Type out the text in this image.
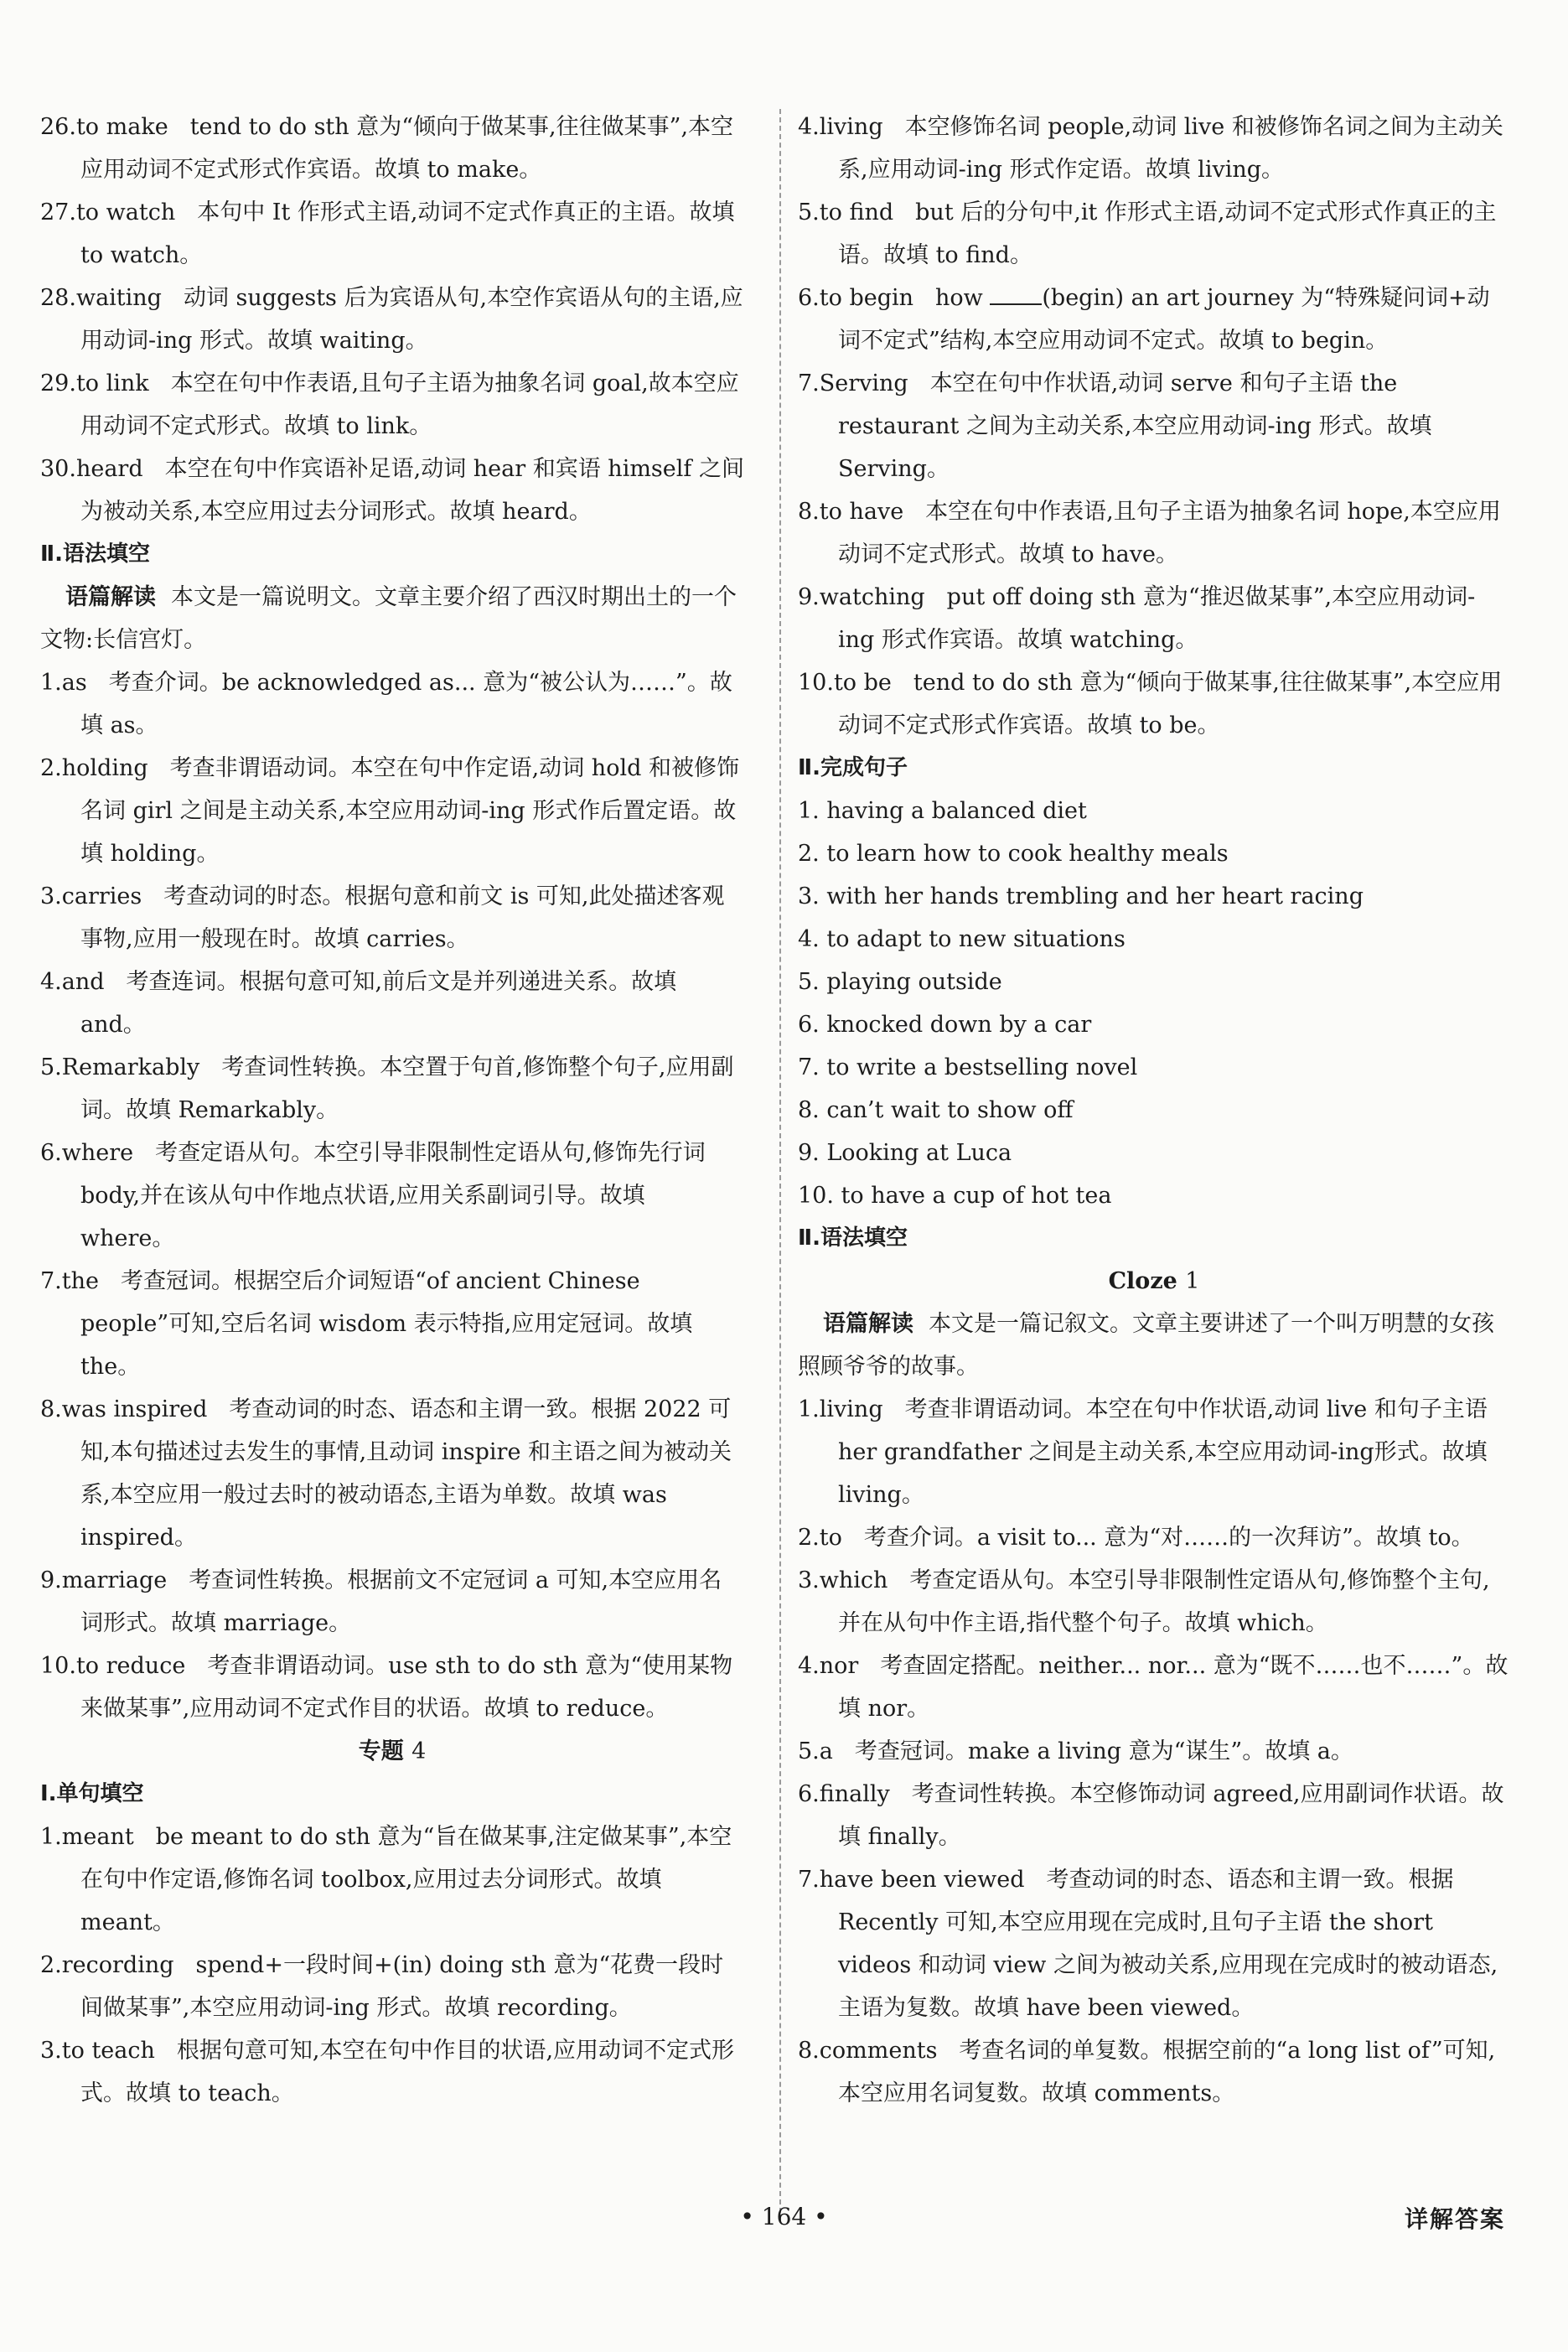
26.to make tend to do sth 意为“倾向于做某事,往往做某事”,本空应用动词不定式形式作宾语。故填 to make。

27.to watch 本句中 It 作形式主语,动词不定式作真正的主语。故填 to watch。

28.waiting 动词 suggests 后为宾语从句,本空作宾语从句的主语,应用动词-ing 形式。故填 waiting。

29.to link 本空在句中作表语,且句子主语为抽象名词 goal,故本空应用动词不定式形式。故填 to link。

30.heard 本空在句中作宾语补足语,动词 hear 和宾语 himself 之间为被动关系,本空应用过去分词形式。故填 heard。

Ⅱ.语法填空

语篇解读 本文是一篇说明文。文章主要介绍了西汉时期出土的一个文物:长信宫灯。

1.as 考查介词。be acknowledged as... 意为“被公认为……”。故填 as。

2.holding 考查非谓语动词。本空在句中作定语,动词 hold 和被修饰名词 girl 之间是主动关系,本空应用动词-ing 形式作后置定语。故填 holding。

3.carries 考查动词的时态。根据句意和前文 is 可知,此处描述客观事物,应用一般现在时。故填 carries。

4.and 考查连词。根据句意可知,前后文是并列递进关系。故填 and。

5.Remarkably 考查词性转换。本空置于句首,修饰整个句子,应用副词。故填 Remarkably。

6.where 考查定语从句。本空引导非限制性定语从句,修饰先行词 body,并在该从句中作地点状语,应用关系副词引导。故填 where。

7.the 考查冠词。根据空后介词短语“of ancient Chinese people”可知,空后名词 wisdom 表示特指,应用定冠词。故填 the。

8.was inspired 考查动词的时态、语态和主谓一致。根据 2022 可知,本句描述过去发生的事情,且动词 inspire 和主语之间为被动关系,本空应用一般过去时的被动语态,主语为单数。故填 was inspired。

9.marriage 考查词性转换。根据前文不定冠词 a 可知,本空应用名词形式。故填 marriage。

10.to reduce 考查非谓语动词。use sth to do sth 意为“使用某物来做某事”,应用动词不定式作目的状语。故填 to reduce。

专题 4

Ⅰ.单句填空

1.meant be meant to do sth 意为“旨在做某事,注定做某事”,本空在句中作定语,修饰名词 toolbox,应用过去分词形式。故填 meant。

2.recording spend+一段时间+(in) doing sth 意为“花费一段时间做某事”,本空应用动词-ing 形式。故填 recording。

3.to teach 根据句意可知,本空在句中作目的状语,应用动词不定式形式。故填 to teach。

4.living 本空修饰名词 people,动词 live 和被修饰名词之间为主动关系,应用动词-ing 形式作定语。故填 living。

5.to find but 后的分句中,it 作形式主语,动词不定式形式作真正的主语。故填 to find。

6.to begin how	(begin) an art journey 为“特殊疑问词+动词不定式”结构,本空应用动词不定式。故填 to begin。

7.Serving 本空在句中作状语,动词 serve 和句子主语 the restaurant 之间为主动关系,本空应用动词-ing 形式。故填 Serving。

8.to have 本空在句中作表语,且句子主语为抽象名词 hope,本空应用动词不定式形式。故填 to have。

9.watching put off doing sth 意为“推迟做某事”,本空应用动词-ing 形式作宾语。故填 watching。

10.to be tend to do sth 意为“倾向于做某事,往往做某事”,本空应用动词不定式形式作宾语。故填 to be。

Ⅱ.完成句子

1. having a balanced diet

2. to learn how to cook healthy meals

3. with her hands trembling and her heart racing

4. to adapt to new situations

5. playing outside

6. knocked down by a car

7. to write a bestselling novel

8. can’t wait to show off

9. Looking at Luca

10. to have a cup of hot tea

Ⅱ.语法填空

Cloze 1

语篇解读 本文是一篇记叙文。文章主要讲述了一个叫万明慧的女孩照顾爷爷的故事。

1.living 考查非谓语动词。本空在句中作状语,动词 live 和句子主语 her grandfather 之间是主动关系,本空应用动词-ing形式。故填 living。

2.to 考查介词。a visit to... 意为“对……的一次拜访”。故填 to。

3.which 考查定语从句。本空引导非限制性定语从句,修饰整个主句,并在从句中作主语,指代整个句子。故填 which。

4.nor 考查固定搭配。neither... nor... 意为“既不……也不……”。故填 nor。

5.a 考查冠词。make a living 意为“谋生”。故填 a。

6.finally 考查词性转换。本空修饰动词 agreed,应用副词作状语。故填 finally。

7.have been viewed 考查动词的时态、语态和主谓一致。根据 Recently 可知,本空应用现在完成时,且句子主语 the short videos 和动词 view 之间为被动关系,应用现在完成时的被动语态,主语为复数。故填 have been viewed。

8.comments 考查名词的单复数。根据空前的“a long list of”可知,本空应用名词复数。故填 comments。

• 164 •	详解答案
